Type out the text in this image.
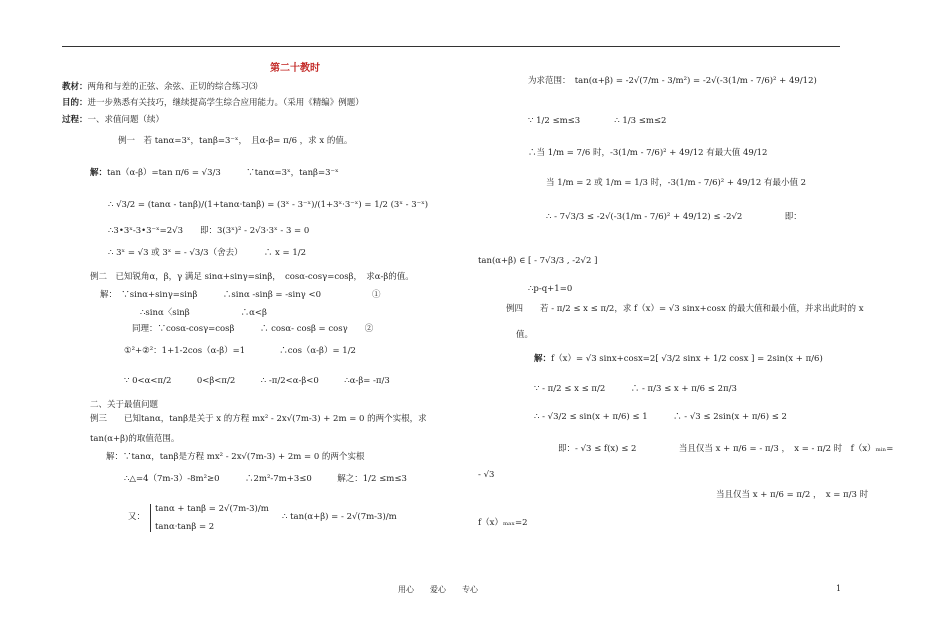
第二十教时
教材：两角和与差的正弦、余弦、正切的综合练习⑶
目的：进一步熟悉有关技巧，继续提高学生综合应用能力。（采用《精编》例题）
过程：一、求值问题（续）
例一　若 tanα=3ˣ，tanβ=3⁻ˣ，　且α-β= π/6 ，求 x 的值。
解：tan（α-β）=tan π/6 = √3/3　　　∵tanα=3ˣ，tanβ=3⁻ˣ
∴ √3/2 = (tanα - tanβ)/(1+tanα·tanβ) = (3ˣ - 3⁻ˣ)/(1+3ˣ·3⁻ˣ) = 1/2 (3ˣ - 3⁻ˣ)
∴3•3ˣ-3•3⁻ˣ=2√3　　即：3(3ˣ)² - 2√3·3ˣ - 3 = 0
∴ 3ˣ = √3 或 3ˣ = - √3/3（舍去）　　　∴ x = 1/2
例二　已知锐角α，β，γ 满足 sinα+sinγ=sinβ，　cosα-cosγ=cosβ，　求α-β的值。
解：　∵sinα+sinγ=sinβ　　　∴sinα -sinβ = -sinγ <0　　　　　　①
∴sinα〈sinβ　　　　　　∴α<β
同理：∵cosα-cosγ=cosβ　　　∴ cosα- cosβ = cosγ　　②
①²+②²：1+1-2cos（α-β）=1　　　　∴cos（α-β）= 1/2
∵ 0<α<π/2　　　0<β<π/2　　　∴ -π/2<α-β<0　　　∴α-β= -π/3
二、关于最值问题
例三　　已知tanα，tanβ是关于 x 的方程 mx² - 2x√(7m-3) + 2m = 0 的两个实根，求
tan(α+β)的取值范围。
解：∵tanα，tanβ是方程 mx² - 2x√(7m-3) + 2m = 0 的两个实根
∴△=4（7m-3）-8m²≥0　　　∴2m²-7m+3≤0　　　解之：1/2 ≤m≤3
又：
tanα + tanβ = 2√(7m-3)/m
tanα·tanβ = 2
∴ tan(α+β) = - 2√(7m-3)/m
为求范围：　tan(α+β) = -2√(7/m - 3/m²) = -2√(-3(1/m - 7/6)² + 49/12)
∵ 1/2 ≤m≤3　　　　∴ 1/3 ≤m≤2
∴当 1/m = 7/6 时，-3(1/m - 7/6)² + 49/12 有最大值 49/12
当 1/m = 2 或 1/m = 1/3 时，-3(1/m - 7/6)² + 49/12 有最小值 2
∴ - 7√3/3 ≤ -2√(-3(1/m - 7/6)² + 49/12) ≤ -2√2　　　　　即：
tan(α+β) ∈ [ - 7√3/3 , -2√2 ]
∴p-q+1=0
例四　　若 - π/2 ≤ x ≤ π/2，求 f（x）= √3 sinx+cosx 的最大值和最小值，并求出此时的 x
值。
解：f（x）= √3 sinx+cosx=2[ √3/2 sinx + 1/2 cosx ] = 2sin(x + π/6)
∵ - π/2 ≤ x ≤ π/2　　　∴ - π/3 ≤ x + π/6 ≤ 2π/3
∴ - √3/2 ≤ sin(x + π/6) ≤ 1　　　∴ - √3 ≤ 2sin(x + π/6) ≤ 2
即：- √3 ≤ f(x) ≤ 2　　　　　当且仅当 x + π/6 = - π/3 ，　x = - π/2 时　f（x）ₘᵢₙ=
- √3
当且仅当 x + π/6 = π/2 ，　x = π/3 时
f（x）ₘₐₓ=2
用心　　爱心　　专心	1
